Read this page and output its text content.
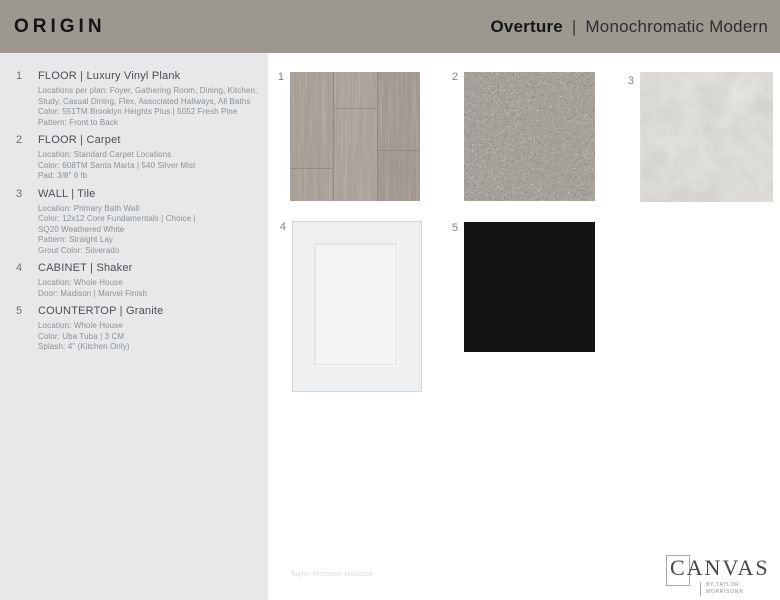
ORIGIN	Overture | Monochromatic Modern
1	FLOOR | Luxury Vinyl Plank
Locations per plan: Foyer, Gathering Room, Dining, Kitchen,
Study, Casual Dining, Flex, Associated Hallways, All Baths
Color: 551TM Brooklyn Heights Plus | 5052 Fresh Pine
Pattern: Front to Back
2	FLOOR | Carpet
Location: Standard Carpet Locations
Color: 608TM Santa Marta | 540 Silver Mist
Pad: 3/8" 6 lb
3	WALL | Tile
Location: Primary Bath Wall
Color: 12x12 Core Fundamentals | Choice |
SQ20 Weathered White
Pattern: Straight Lay
Grout Color: Silverado
4	CABINET | Shaker
Location: Whole House
Door: Madison | Marvel Finish
5	COUNTERTOP | Granite
Location: Whole House
Color: Uba Tuba | 3 CM
Splash: 4" (Kitchen Only)
1	2	3
4	5
Taylor Morrison Houston	CANVAS
BY TAYLOR MORRISON®
